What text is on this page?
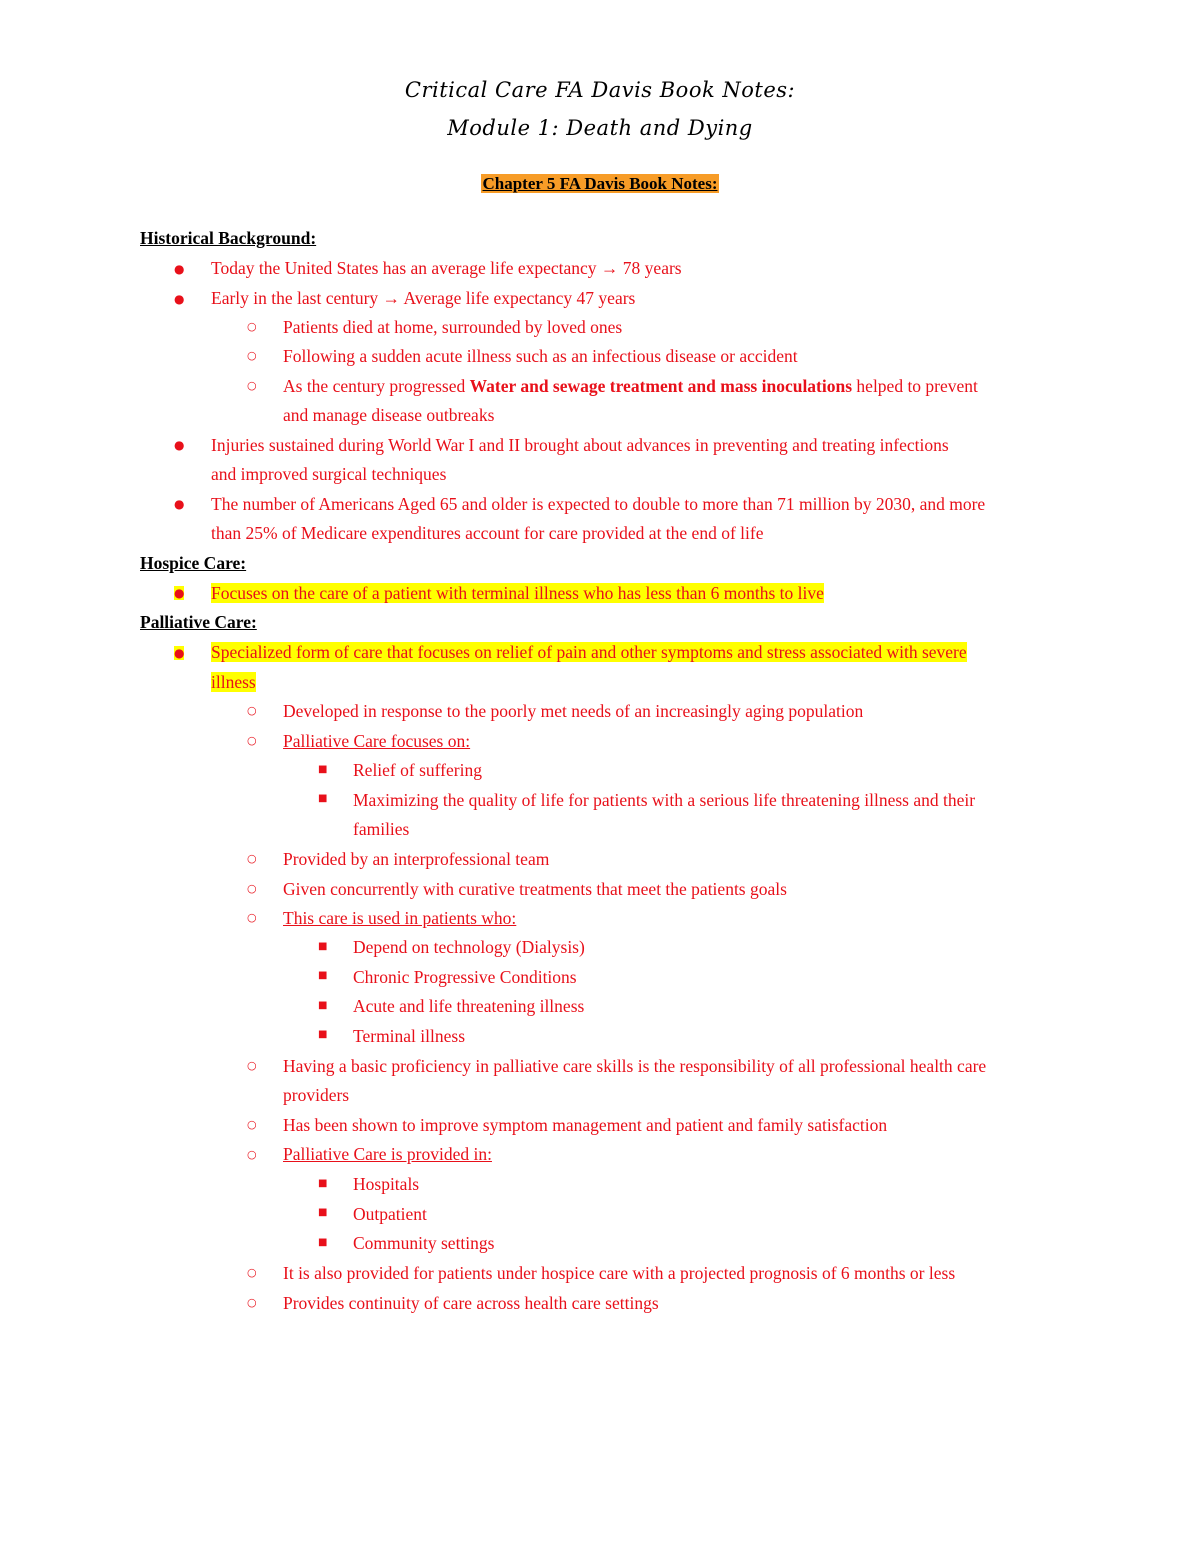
Critical Care FA Davis Book Notes:
Module 1: Death and Dying
Chapter 5 FA Davis Book Notes:
Historical Background:
● Today the United States has an average life expectancy → 78 years
● Early in the last century → Average life expectancy 47 years
○ Patients died at home, surrounded by loved ones
○ Following a sudden acute illness such as an infectious disease or accident
○ As the century progressed Water and sewage treatment and mass inoculations helped to prevent
and manage disease outbreaks
● Injuries sustained during World War I and II brought about advances in preventing and treating infections
and improved surgical techniques
● The number of Americans Aged 65 and older is expected to double to more than 71 million by 2030, and more
than 25% of Medicare expenditures account for care provided at the end of life
Hospice Care:
● Focuses on the care of a patient with terminal illness who has less than 6 months to live
Palliative Care:
● Specialized form of care that focuses on relief of pain and other symptoms and stress associated with severe
illness
○ Developed in response to the poorly met needs of an increasingly aging population
○ Palliative Care focuses on:
■ Relief of suffering
■ Maximizing the quality of life for patients with a serious life threatening illness and their
families
○ Provided by an interprofessional team
○ Given concurrently with curative treatments that meet the patients goals
○ This care is used in patients who:
■ Depend on technology (Dialysis)
■ Chronic Progressive Conditions
■ Acute and life threatening illness
■ Terminal illness
○ Having a basic proficiency in palliative care skills is the responsibility of all professional health care
providers
○ Has been shown to improve symptom management and patient and family satisfaction
○ Palliative Care is provided in:
■ Hospitals
■ Outpatient
■ Community settings
○ It is also provided for patients under hospice care with a projected prognosis of 6 months or less
○ Provides continuity of care across health care settings
